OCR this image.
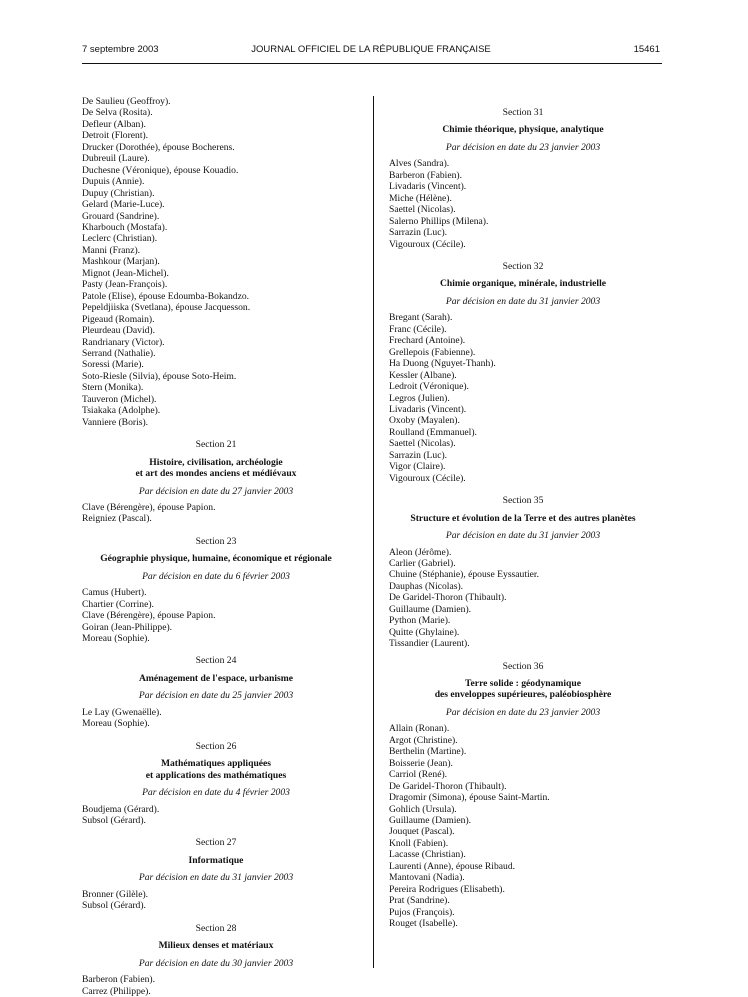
7 septembre 2003	JOURNAL OFFICIEL DE LA RÉPUBLIQUE FRANÇAISE	15461
De Saulieu (Geoffroy).
De Selva (Rosita).
Defleur (Alban).
Detroit (Florent).
Drucker (Dorothée), épouse Bocherens.
Dubreuil (Laure).
Duchesne (Véronique), épouse Kouadio.
Dupuis (Annie).
Dupuy (Christian).
Gelard (Marie-Luce).
Grouard (Sandrine).
Kharbouch (Mostafa).
Leclerc (Christian).
Manni (Franz).
Mashkour (Marjan).
Mignot (Jean-Michel).
Pasty (Jean-François).
Patole (Elise), épouse Edoumba-Bokandzo.
Pepeldjiiska (Svetlana), épouse Jacquesson.
Pigeaud (Romain).
Pleurdeau (David).
Randrianary (Victor).
Serrand (Nathalie).
Soressi (Marie).
Soto-Riesle (Silvia), épouse Soto-Heim.
Stern (Monika).
Tauveron (Michel).
Tsiakaka (Adolphe).
Vanniere (Boris).
Section 21
Histoire, civilisation, archéologie
et art des mondes anciens et médiévaux
Par décision en date du 27 janvier 2003
Clave (Bérengère), épouse Papion.
Reigniez (Pascal).
Section 23
Géographie physique, humaine, économique et régionale
Par décision en date du 6 février 2003
Camus (Hubert).
Chartier (Corrine).
Clave (Bérengère), épouse Papion.
Goiran (Jean-Philippe).
Moreau (Sophie).
Section 24
Aménagement de l'espace, urbanisme
Par décision en date du 25 janvier 2003
Le Lay (Gwenaëlle).
Moreau (Sophie).
Section 26
Mathématiques appliquées
et applications des mathématiques
Par décision en date du 4 février 2003
Boudjema (Gérard).
Subsol (Gérard).
Section 27
Informatique
Par décision en date du 31 janvier 2003
Bronner (Gilèle).
Subsol (Gérard).
Section 28
Milieux denses et matériaux
Par décision en date du 30 janvier 2003
Barberon (Fabien).
Carrez (Philippe).
Section 31
Chimie théorique, physique, analytique
Par décision en date du 23 janvier 2003
Alves (Sandra).
Barberon (Fabien).
Livadaris (Vincent).
Miche (Hélène).
Saettel (Nicolas).
Salerno Phillips (Milena).
Sarrazin (Luc).
Vigouroux (Cécile).
Section 32
Chimie organique, minérale, industrielle
Par décision en date du 31 janvier 2003
Bregant (Sarah).
Franc (Cécile).
Frechard (Antoine).
Grellepois (Fabienne).
Ha Duong (Nguyet-Thanh).
Kessler (Albane).
Ledroit (Véronique).
Legros (Julien).
Livadaris (Vincent).
Oxoby (Mayalen).
Roulland (Emmanuel).
Saettel (Nicolas).
Sarrazin (Luc).
Vigor (Claire).
Vigouroux (Cécile).
Section 35
Structure et évolution de la Terre et des autres planètes
Par décision en date du 31 janvier 2003
Aleon (Jérôme).
Carlier (Gabriel).
Chuine (Stéphanie), épouse Eyssautier.
Dauphas (Nicolas).
De Garidel-Thoron (Thibault).
Guillaume (Damien).
Python (Marie).
Quitte (Ghylaine).
Tissandier (Laurent).
Section 36
Terre solide : géodynamique
des enveloppes supérieures, paléobiosphère
Par décision en date du 23 janvier 2003
Allain (Ronan).
Argot (Christine).
Berthelin (Martine).
Boisserie (Jean).
Carriol (René).
De Garidel-Thoron (Thibault).
Dragomir (Simona), épouse Saint-Martin.
Gohlich (Ursula).
Guillaume (Damien).
Jouquet (Pascal).
Knoll (Fabien).
Lacasse (Christian).
Laurenti (Anne), épouse Ribaud.
Mantovani (Nadia).
Pereira Rodrigues (Elisabeth).
Prat (Sandrine).
Pujos (François).
Rouget (Isabelle).
